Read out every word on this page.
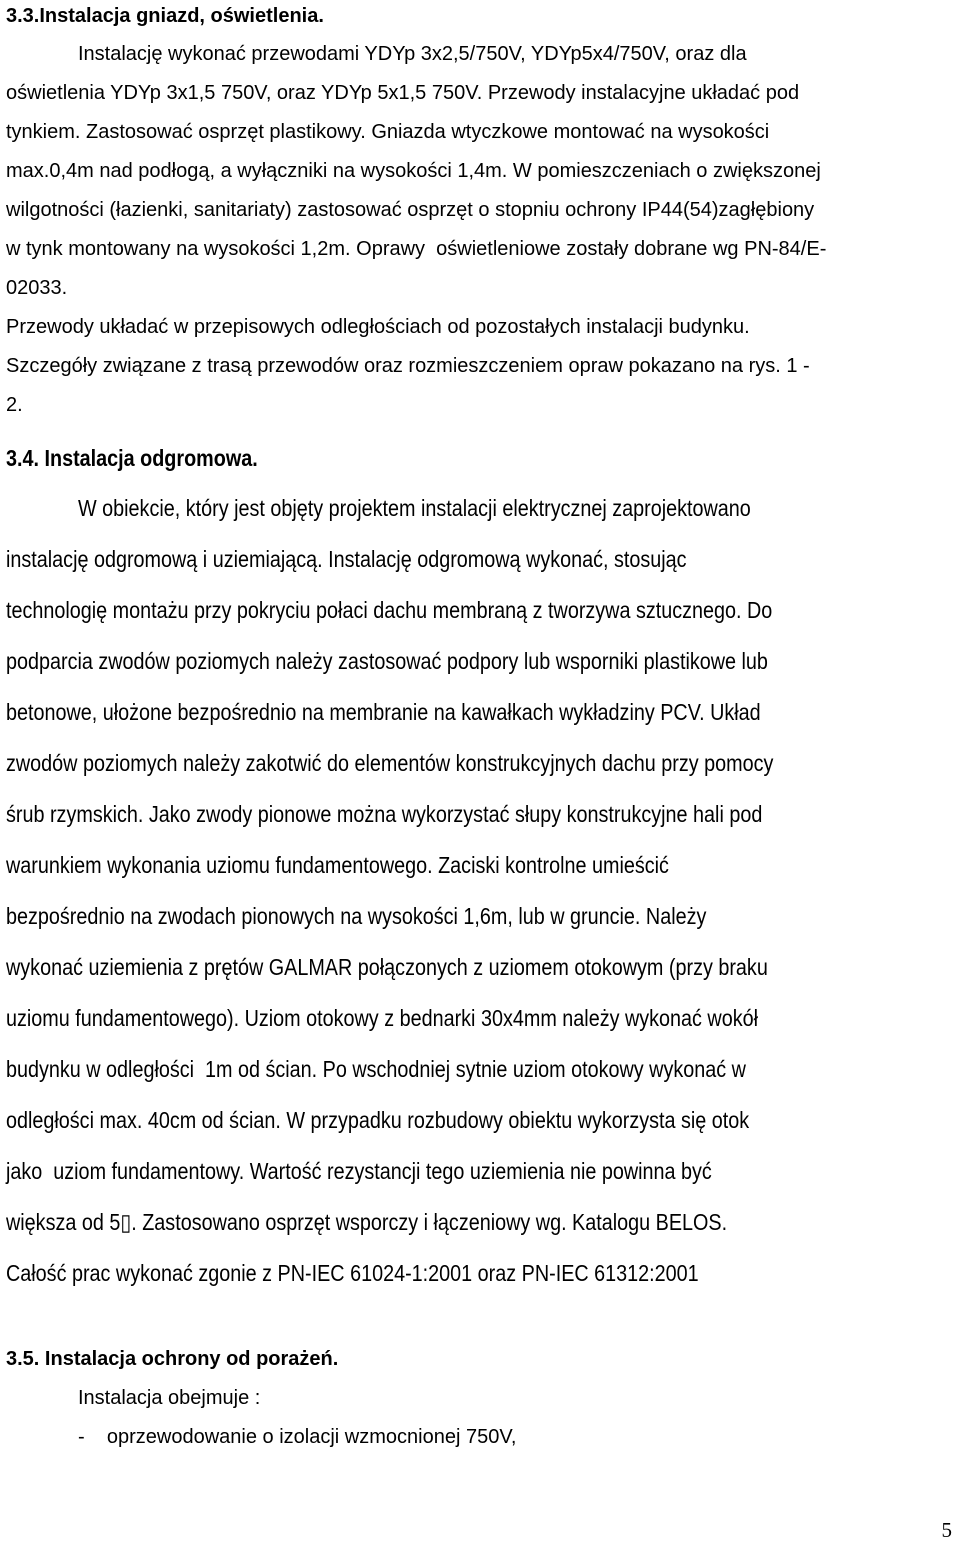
3.3.Instalacja gniazd, oświetlenia.
Instalację wykonać przewodami YDYp 3x2,5/750V, YDYp5x4/750V, oraz dla
oświetlenia YDYp 3x1,5 750V, oraz YDYp 5x1,5 750V. Przewody instalacyjne układać pod
tynkiem. Zastosować osprzęt plastikowy. Gniazda wtyczkowe montować na wysokości
max.0,4m nad podłogą, a wyłączniki na wysokości 1,4m. W pomieszczeniach o zwiększonej
wilgotności (łazienki, sanitariaty) zastosować osprzęt o stopniu ochrony IP44(54)zagłębiony
w tynk montowany na wysokości 1,2m. Oprawy  oświetleniowe zostały dobrane wg PN-84/E-
02033.
Przewody układać w przepisowych odległościach od pozostałych instalacji budynku.
Szczegóły związane z trasą przewodów oraz rozmieszczeniem opraw pokazano na rys. 1 -
2.
3.4. Instalacja odgromowa.
W obiekcie, który jest objęty projektem instalacji elektrycznej zaprojektowano
instalację odgromową i uziemiającą. Instalację odgromową wykonać, stosując
technologię montażu przy pokryciu połaci dachu membraną z tworzywa sztucznego. Do
podparcia zwodów poziomych należy zastosować podpory lub wsporniki plastikowe lub
betonowe, ułożone bezpośrednio na membranie na kawałkach wykładziny PCV. Układ
zwodów poziomych należy zakotwić do elementów konstrukcyjnych dachu przy pomocy
śrub rzymskich. Jako zwody pionowe można wykorzystać słupy konstrukcyjne hali pod
warunkiem wykonania uziomu fundamentowego. Zaciski kontrolne umieścić
bezpośrednio na zwodach pionowych na wysokości 1,6m, lub w gruncie. Należy
wykonać uziemienia z prętów GALMAR połączonych z uziomem otokowym (przy braku
uziomu fundamentowego). Uziom otokowy z bednarki 30x4mm należy wykonać wokół
budynku w odległości  1m od ścian. Po wschodniej sytnie uziom otokowy wykonać w
odległości max. 40cm od ścian. W przypadku rozbudowy obiektu wykorzysta się otok
jako  uziom fundamentowy. Wartość rezystancji tego uziemienia nie powinna być
większa od 5▯. Zastosowano osprzęt wsporczy i łączeniowy wg. Katalogu BELOS.
Całość prac wykonać zgonie z PN-IEC 61024-1:2001 oraz PN-IEC 61312:2001
3.5. Instalacja ochrony od porażeń.
Instalacja obejmuje :
-    oprzewodowanie o izolacji wzmocnionej 750V,
5
